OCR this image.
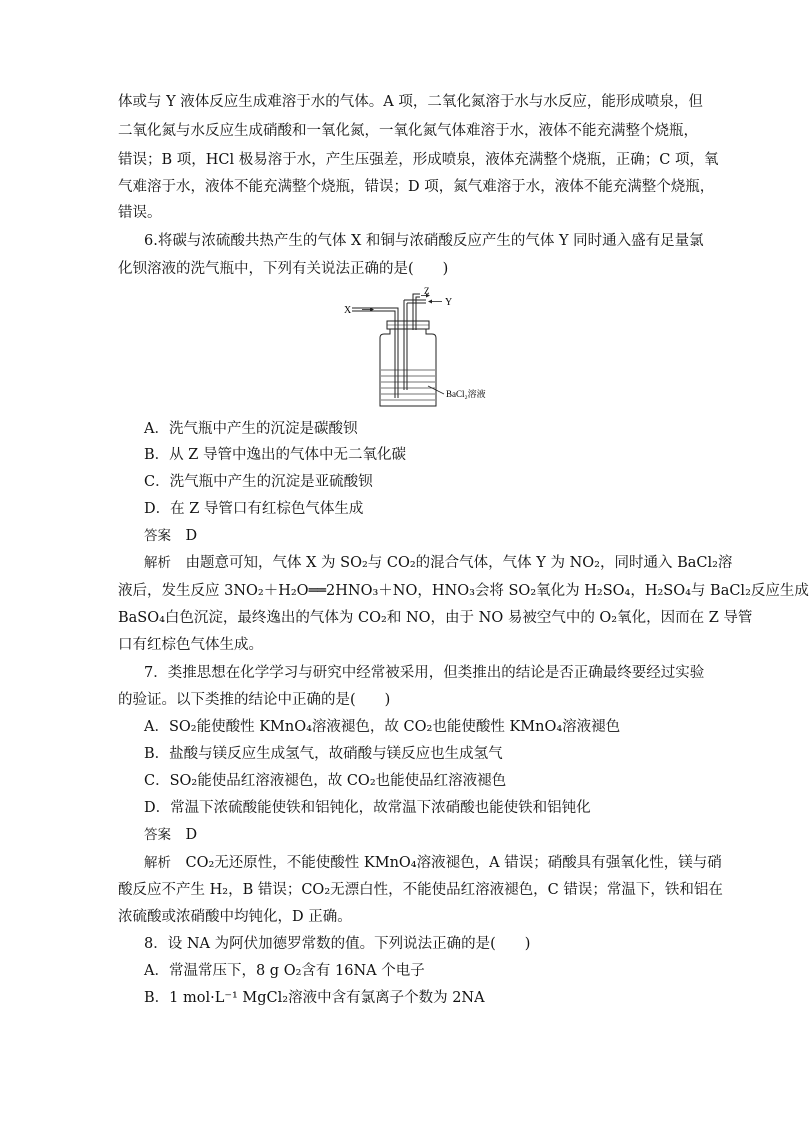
体或与 Y 液体反应生成难溶于水的气体。A 项，二氧化氮溶于水与水反应，能形成喷泉，但
二氧化氮与水反应生成硝酸和一氧化氮，一氧化氮气体难溶于水，液体不能充满整个烧瓶，
错误；B 项，HCl 极易溶于水，产生压强差，形成喷泉，液体充满整个烧瓶，正确；C 项，氧
气难溶于水，液体不能充满整个烧瓶，错误；D 项，氮气难溶于水，液体不能充满整个烧瓶，
错误。
6.将碳与浓硫酸共热产生的气体 X 和铜与浓硝酸反应产生的气体 Y 同时通入盛有足量氯
化钡溶液的洗气瓶中，下列有关说法正确的是(　　)
X
Y
Z
BaCl₂溶液
A．洗气瓶中产生的沉淀是碳酸钡
B．从 Z 导管中逸出的气体中无二氧化碳
C．洗气瓶中产生的沉淀是亚硫酸钡
D．在 Z 导管口有红棕色气体生成
答案　 D
解析　 由题意可知，气体 X 为 SO₂与 CO₂的混合气体，气体 Y 为 NO₂，同时通入 BaCl₂溶
液后，发生反应 3NO₂＋H₂O══2HNO₃＋NO，HNO₃会将 SO₂氧化为 H₂SO₄，H₂SO₄与 BaCl₂反应生成
BaSO₄白色沉淀，最终逸出的气体为 CO₂和 NO，由于 NO 易被空气中的 O₂氧化，因而在 Z 导管
口有红棕色气体生成。
7．类推思想在化学学习与研究中经常被采用，但类推出的结论是否正确最终要经过实验
的验证。以下类推的结论中正确的是(　　)
A．SO₂能使酸性 KMnO₄溶液褪色，故 CO₂也能使酸性 KMnO₄溶液褪色
B．盐酸与镁反应生成氢气，故硝酸与镁反应也生成氢气
C．SO₂能使品红溶液褪色，故 CO₂也能使品红溶液褪色
D．常温下浓硫酸能使铁和铝钝化，故常温下浓硝酸也能使铁和铝钝化
答案　 D
解析　 CO₂无还原性，不能使酸性 KMnO₄溶液褪色，A 错误；硝酸具有强氧化性，镁与硝
酸反应不产生 H₂，B 错误；CO₂无漂白性，不能使品红溶液褪色，C 错误；常温下，铁和铝在
浓硫酸或浓硝酸中均钝化，D 正确。
8．设 NA 为阿伏加德罗常数的值。下列说法正确的是(　　)
A．常温常压下，8 g O₂含有 16NA 个电子
B．1 mol·L⁻¹ MgCl₂溶液中含有氯离子个数为 2NA
